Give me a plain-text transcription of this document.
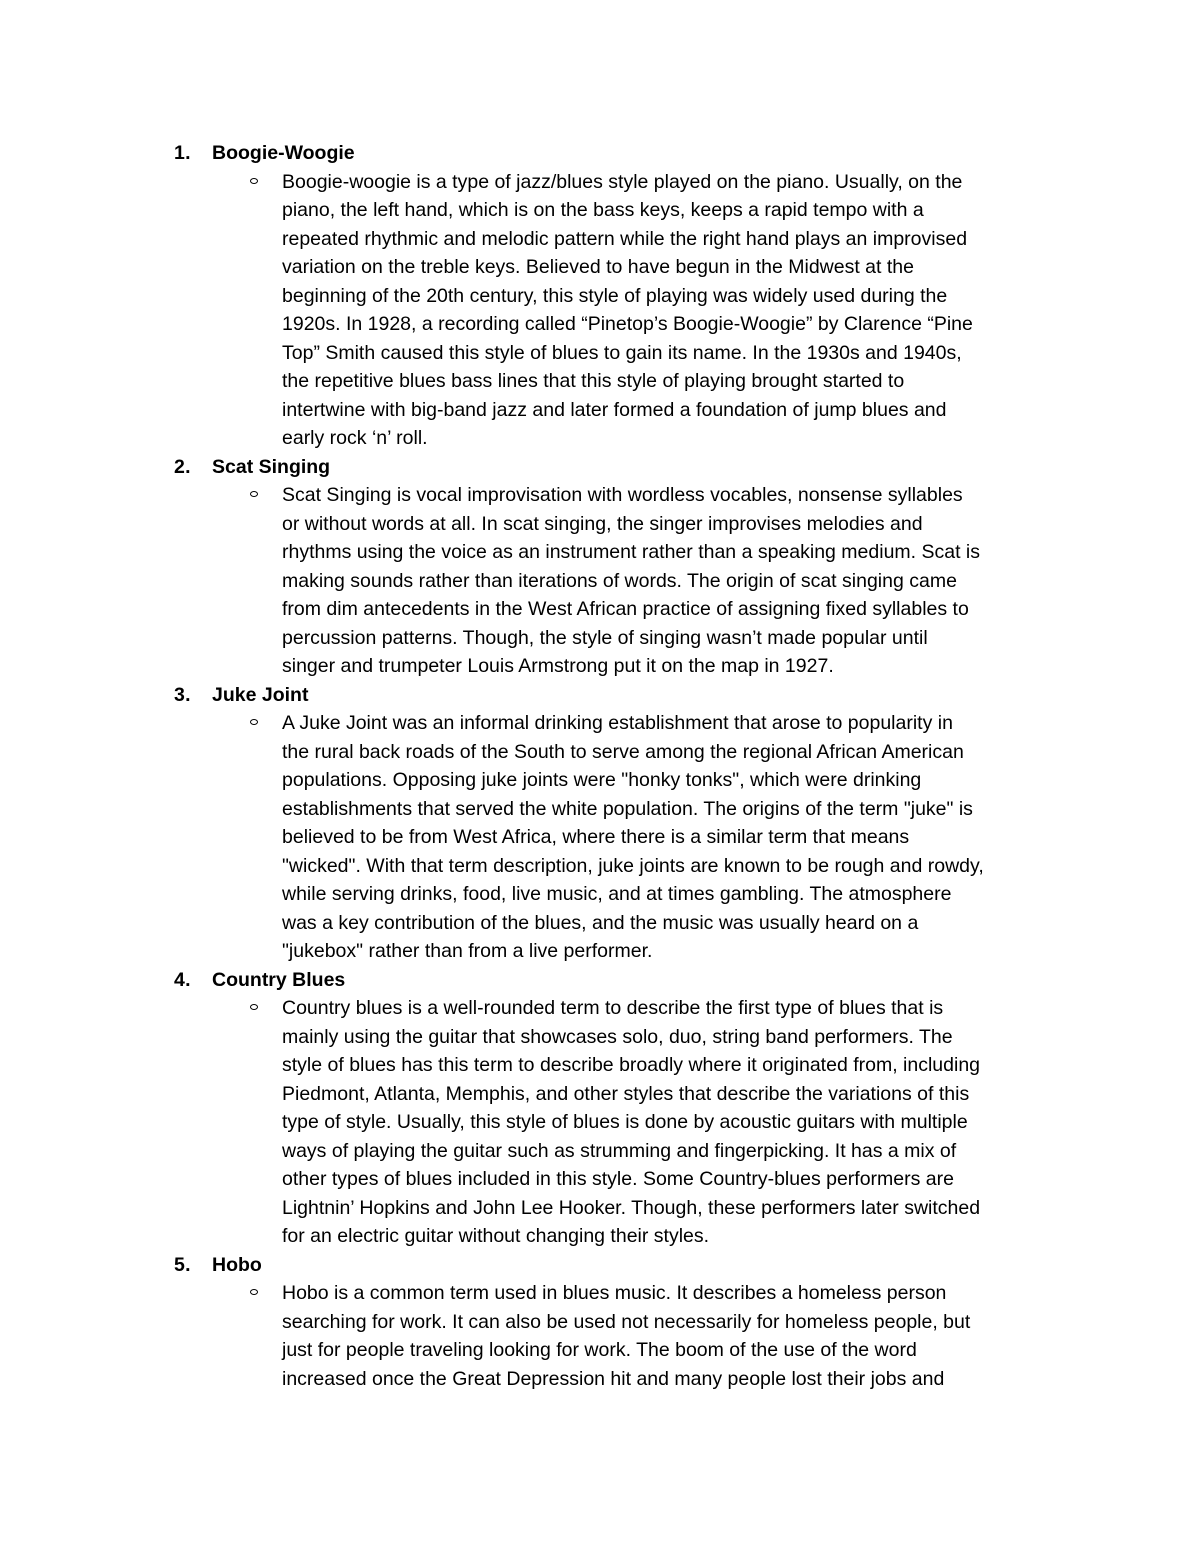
1.	Boogie-Woogie
Boogie-woogie is a type of jazz/blues style played on the piano. Usually, on the
piano, the left hand, which is on the bass keys, keeps a rapid tempo with a
repeated rhythmic and melodic pattern while the right hand plays an improvised
variation on the treble keys. Believed to have begun in the Midwest at the
beginning of the 20th century, this style of playing was widely used during the
1920s. In 1928, a recording called “Pinetop’s Boogie-Woogie” by Clarence “Pine
Top” Smith caused this style of blues to gain its name. In the 1930s and 1940s,
the repetitive blues bass lines that this style of playing brought started to
intertwine with big-band jazz and later formed a foundation of jump blues and
early rock ‘n’ roll.
2.	Scat Singing
Scat Singing is vocal improvisation with wordless vocables, nonsense syllables
or without words at all. In scat singing, the singer improvises melodies and
rhythms using the voice as an instrument rather than a speaking medium. Scat is
making sounds rather than iterations of words. The origin of scat singing came
from dim antecedents in the West African practice of assigning fixed syllables to
percussion patterns. Though, the style of singing wasn’t made popular until
singer and trumpeter Louis Armstrong put it on the map in 1927.
3.	Juke Joint
A Juke Joint was an informal drinking establishment that arose to popularity in
the rural back roads of the South to serve among the regional African American
populations. Opposing juke joints were "honky tonks", which were drinking
establishments that served the white population. The origins of the term "juke" is
believed to be from West Africa, where there is a similar term that means
"wicked". With that term description, juke joints are known to be rough and rowdy,
while serving drinks, food, live music, and at times gambling. The atmosphere
was a key contribution of the blues, and the music was usually heard on a
"jukebox" rather than from a live performer.
4.	Country Blues
Country blues is a well-rounded term to describe the first type of blues that is
mainly using the guitar that showcases solo, duo, string band performers. The
style of blues has this term to describe broadly where it originated from, including
Piedmont, Atlanta, Memphis, and other styles that describe the variations of this
type of style. Usually, this style of blues is done by acoustic guitars with multiple
ways of playing the guitar such as strumming and fingerpicking. It has a mix of
other types of blues included in this style. Some Country-blues performers are
Lightnin’ Hopkins and John Lee Hooker. Though, these performers later switched
for an electric guitar without changing their styles.
5.	Hobo
Hobo is a common term used in blues music. It describes a homeless person
searching for work. It can also be used not necessarily for homeless people, but
just for people traveling looking for work. The boom of the use of the word
increased once the Great Depression hit and many people lost their jobs and
